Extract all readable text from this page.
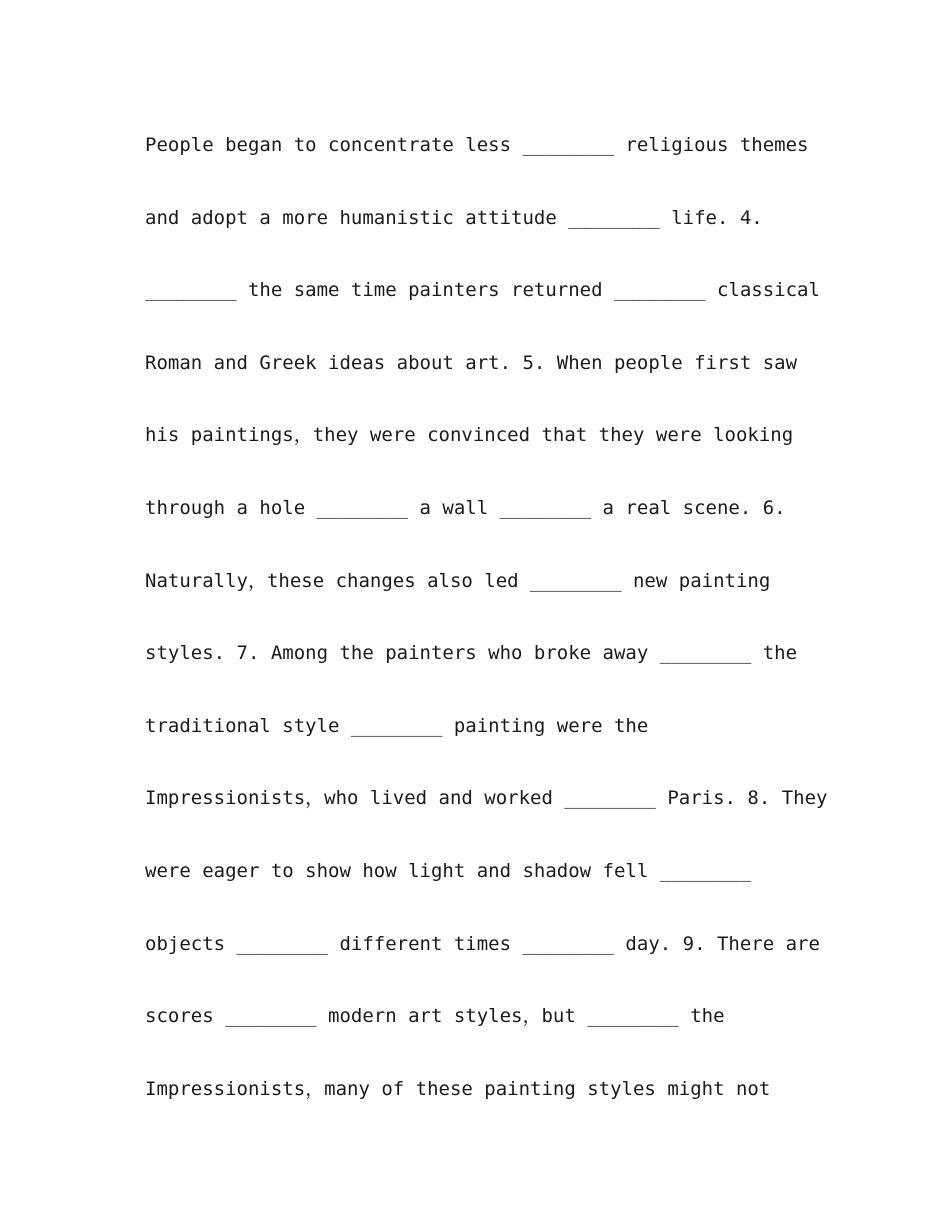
People began to concentrate less ________ religious themes
and adopt a more humanistic attitude ________ life. 4.
________ the same time painters returned ________ classical
Roman and Greek ideas about art. 5. When people first saw
his paintings，they were convinced that they were looking
through a hole ________ a wall ________ a real scene. 6.
Naturally，these changes also led ________ new painting
styles. 7. Among the painters who broke away ________ the
traditional style ________ painting were the
Impressionists，who lived and worked ________ Paris. 8. They
were eager to show how light and shadow fell ________
objects ________ different times ________ day. 9. There are
scores ________ modern art styles，but ________ the
Impressionists，many of these painting styles might not
